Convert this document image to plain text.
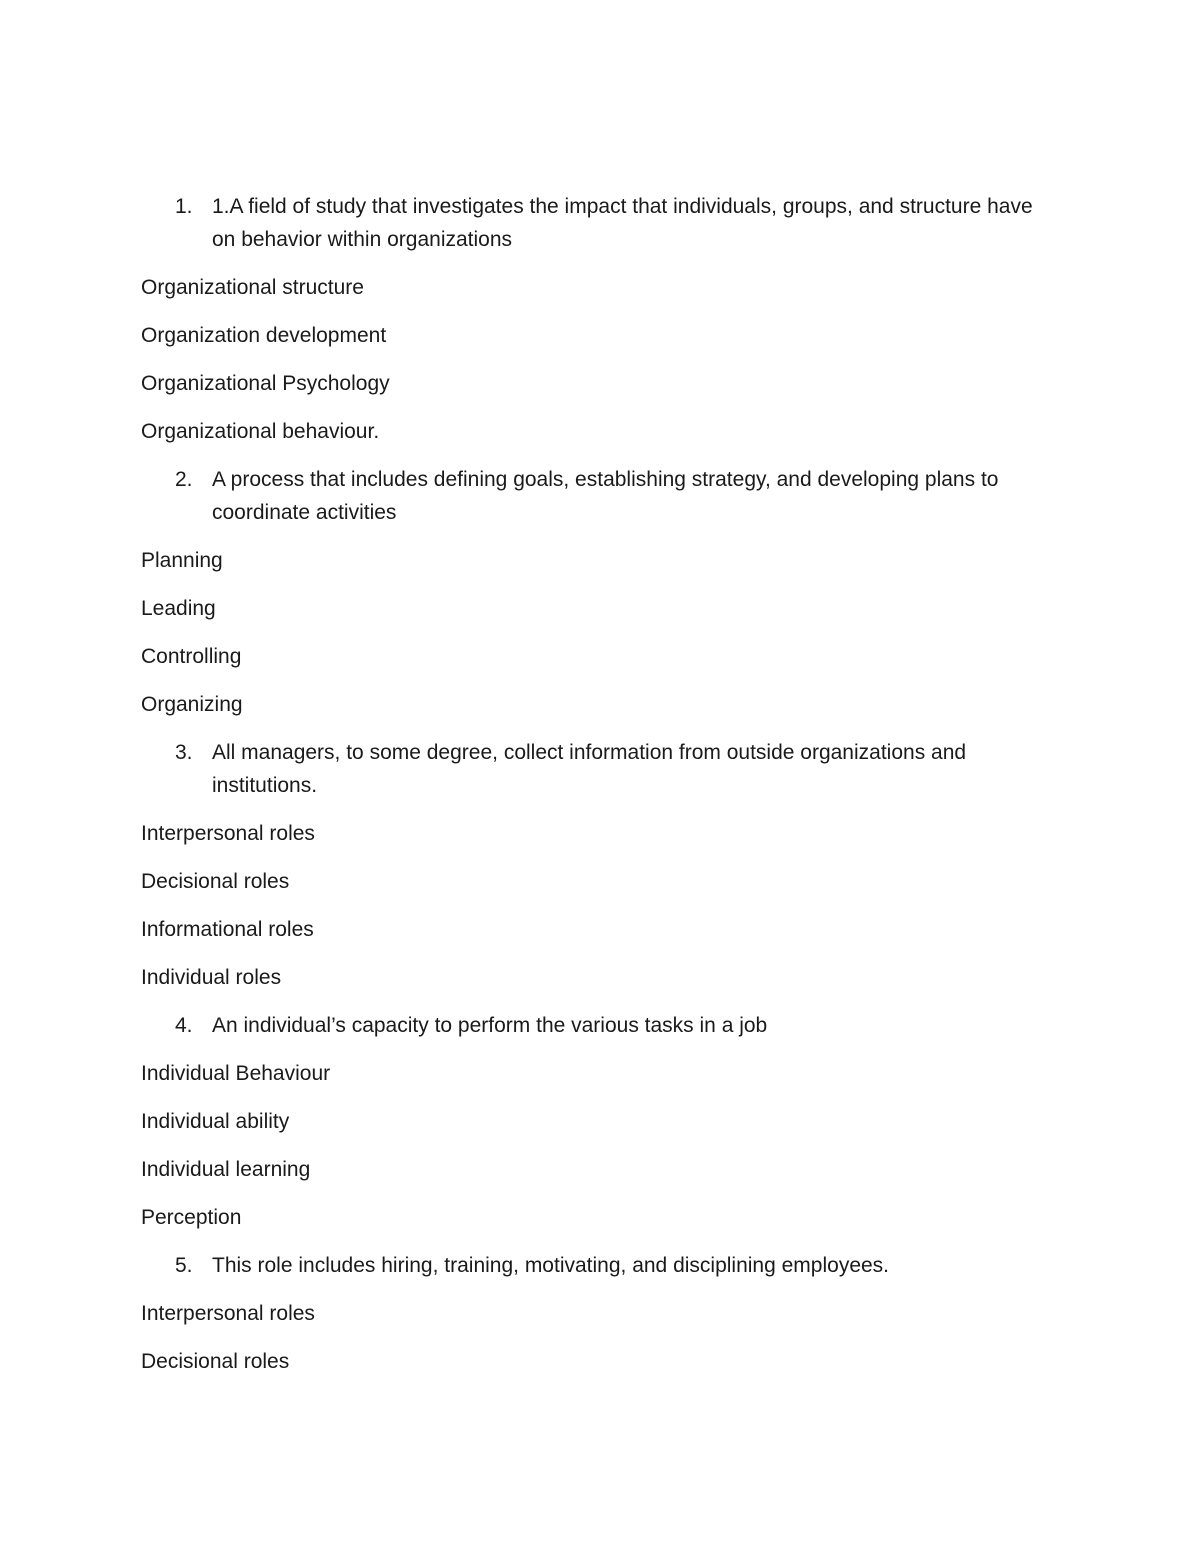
1. 1.A field of study that investigates the impact that individuals, groups, and structure have on behavior within organizations
Organizational structure
Organization development
Organizational Psychology
Organizational behaviour.
2. A process that includes defining goals, establishing strategy, and developing plans to coordinate activities
Planning
Leading
Controlling
Organizing
3. All managers, to some degree, collect information from outside organizations and institutions.
Interpersonal roles
Decisional roles
Informational roles
Individual roles
4. An individual’s capacity to perform the various tasks in a job
Individual Behaviour
Individual ability
Individual learning
Perception
5. This role includes hiring, training, motivating, and disciplining employees.
Interpersonal roles
Decisional roles
